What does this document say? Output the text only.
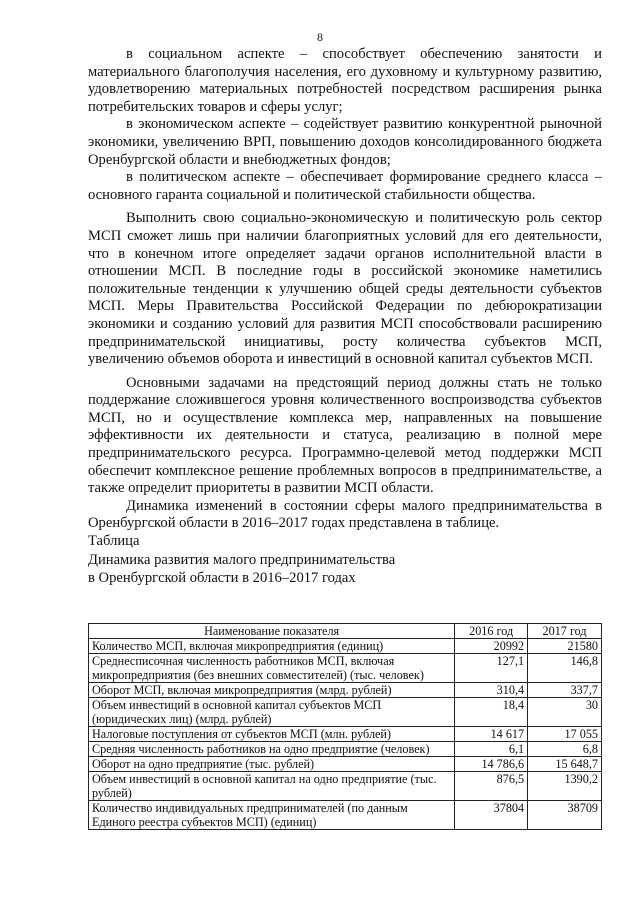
8

в социальном аспекте – способствует обеспечению занятости и материального благополучия населения, его духовному и культурному развитию, удовлетворению материальных потребностей посредством расширения рынка потребительских товаров и сферы услуг;

в экономическом аспекте – содействует развитию конкурентной рыночной экономики, увеличению ВРП, повышению доходов консолидированного бюджета Оренбургской области и внебюджетных фондов;

в политическом аспекте – обеспечивает формирование среднего класса – основного гаранта социальной и политической стабильности общества.

Выполнить свою социально-экономическую и политическую роль сектор МСП сможет лишь при наличии благоприятных условий для его деятельности, что в конечном итоге определяет задачи органов исполнительной власти в отношении МСП. В последние годы в российской экономике наметились положительные тенденции к улучшению общей среды деятельности субъектов МСП. Меры Правительства Российской Федерации по дебюрократизации экономики и созданию условий для развития МСП способствовали расширению предпринимательской инициативы, росту количества субъектов МСП, увеличению объемов оборота и инвестиций в основной капитал субъектов МСП.

Основными задачами на предстоящий период должны стать не только поддержание сложившегося уровня количественного воспроизводства субъектов МСП, но и осуществление комплекса мер, направленных на повышение эффективности их деятельности и статуса, реализацию в полной мере предпринимательского ресурса. Программно-целевой метод поддержки МСП обеспечит комплексное решение проблемных вопросов в предпринимательстве, а также определит приоритеты в развитии МСП области.

Динамика изменений в состоянии сферы малого предпринимательства в Оренбургской области в 2016–2017 годах представлена в таблице.

Таблица

Динамика развития малого предпринимательства

в Оренбургской области в 2016–2017 годах

Наименование показателя	2016 год	2017 год
Количество МСП, включая микропредприятия (единиц)	20992	21580
Среднесписочная численность работников МСП, включая микропредприятия (без внешних совместителей) (тыс. человек)	127,1	146,8
Оборот МСП, включая микропредприятия (млрд. рублей)	310,4	337,7
Объем инвестиций в основной капитал субъектов МСП (юридических лиц) (млрд. рублей)	18,4	30
Налоговые поступления от субъектов МСП (млн. рублей)	14 617	17 055
Средняя численность работников на одно предприятие (человек)	6,1	6,8
Оборот на одно предприятие (тыс. рублей)	14 786,6	15 648,7
Объем инвестиций в основной капитал на одно предприятие (тыс. рублей)	876,5	1390,2
Количество индивидуальных предпринимателей (по данным Единого реестра субъектов МСП) (единиц)	37804	38709
